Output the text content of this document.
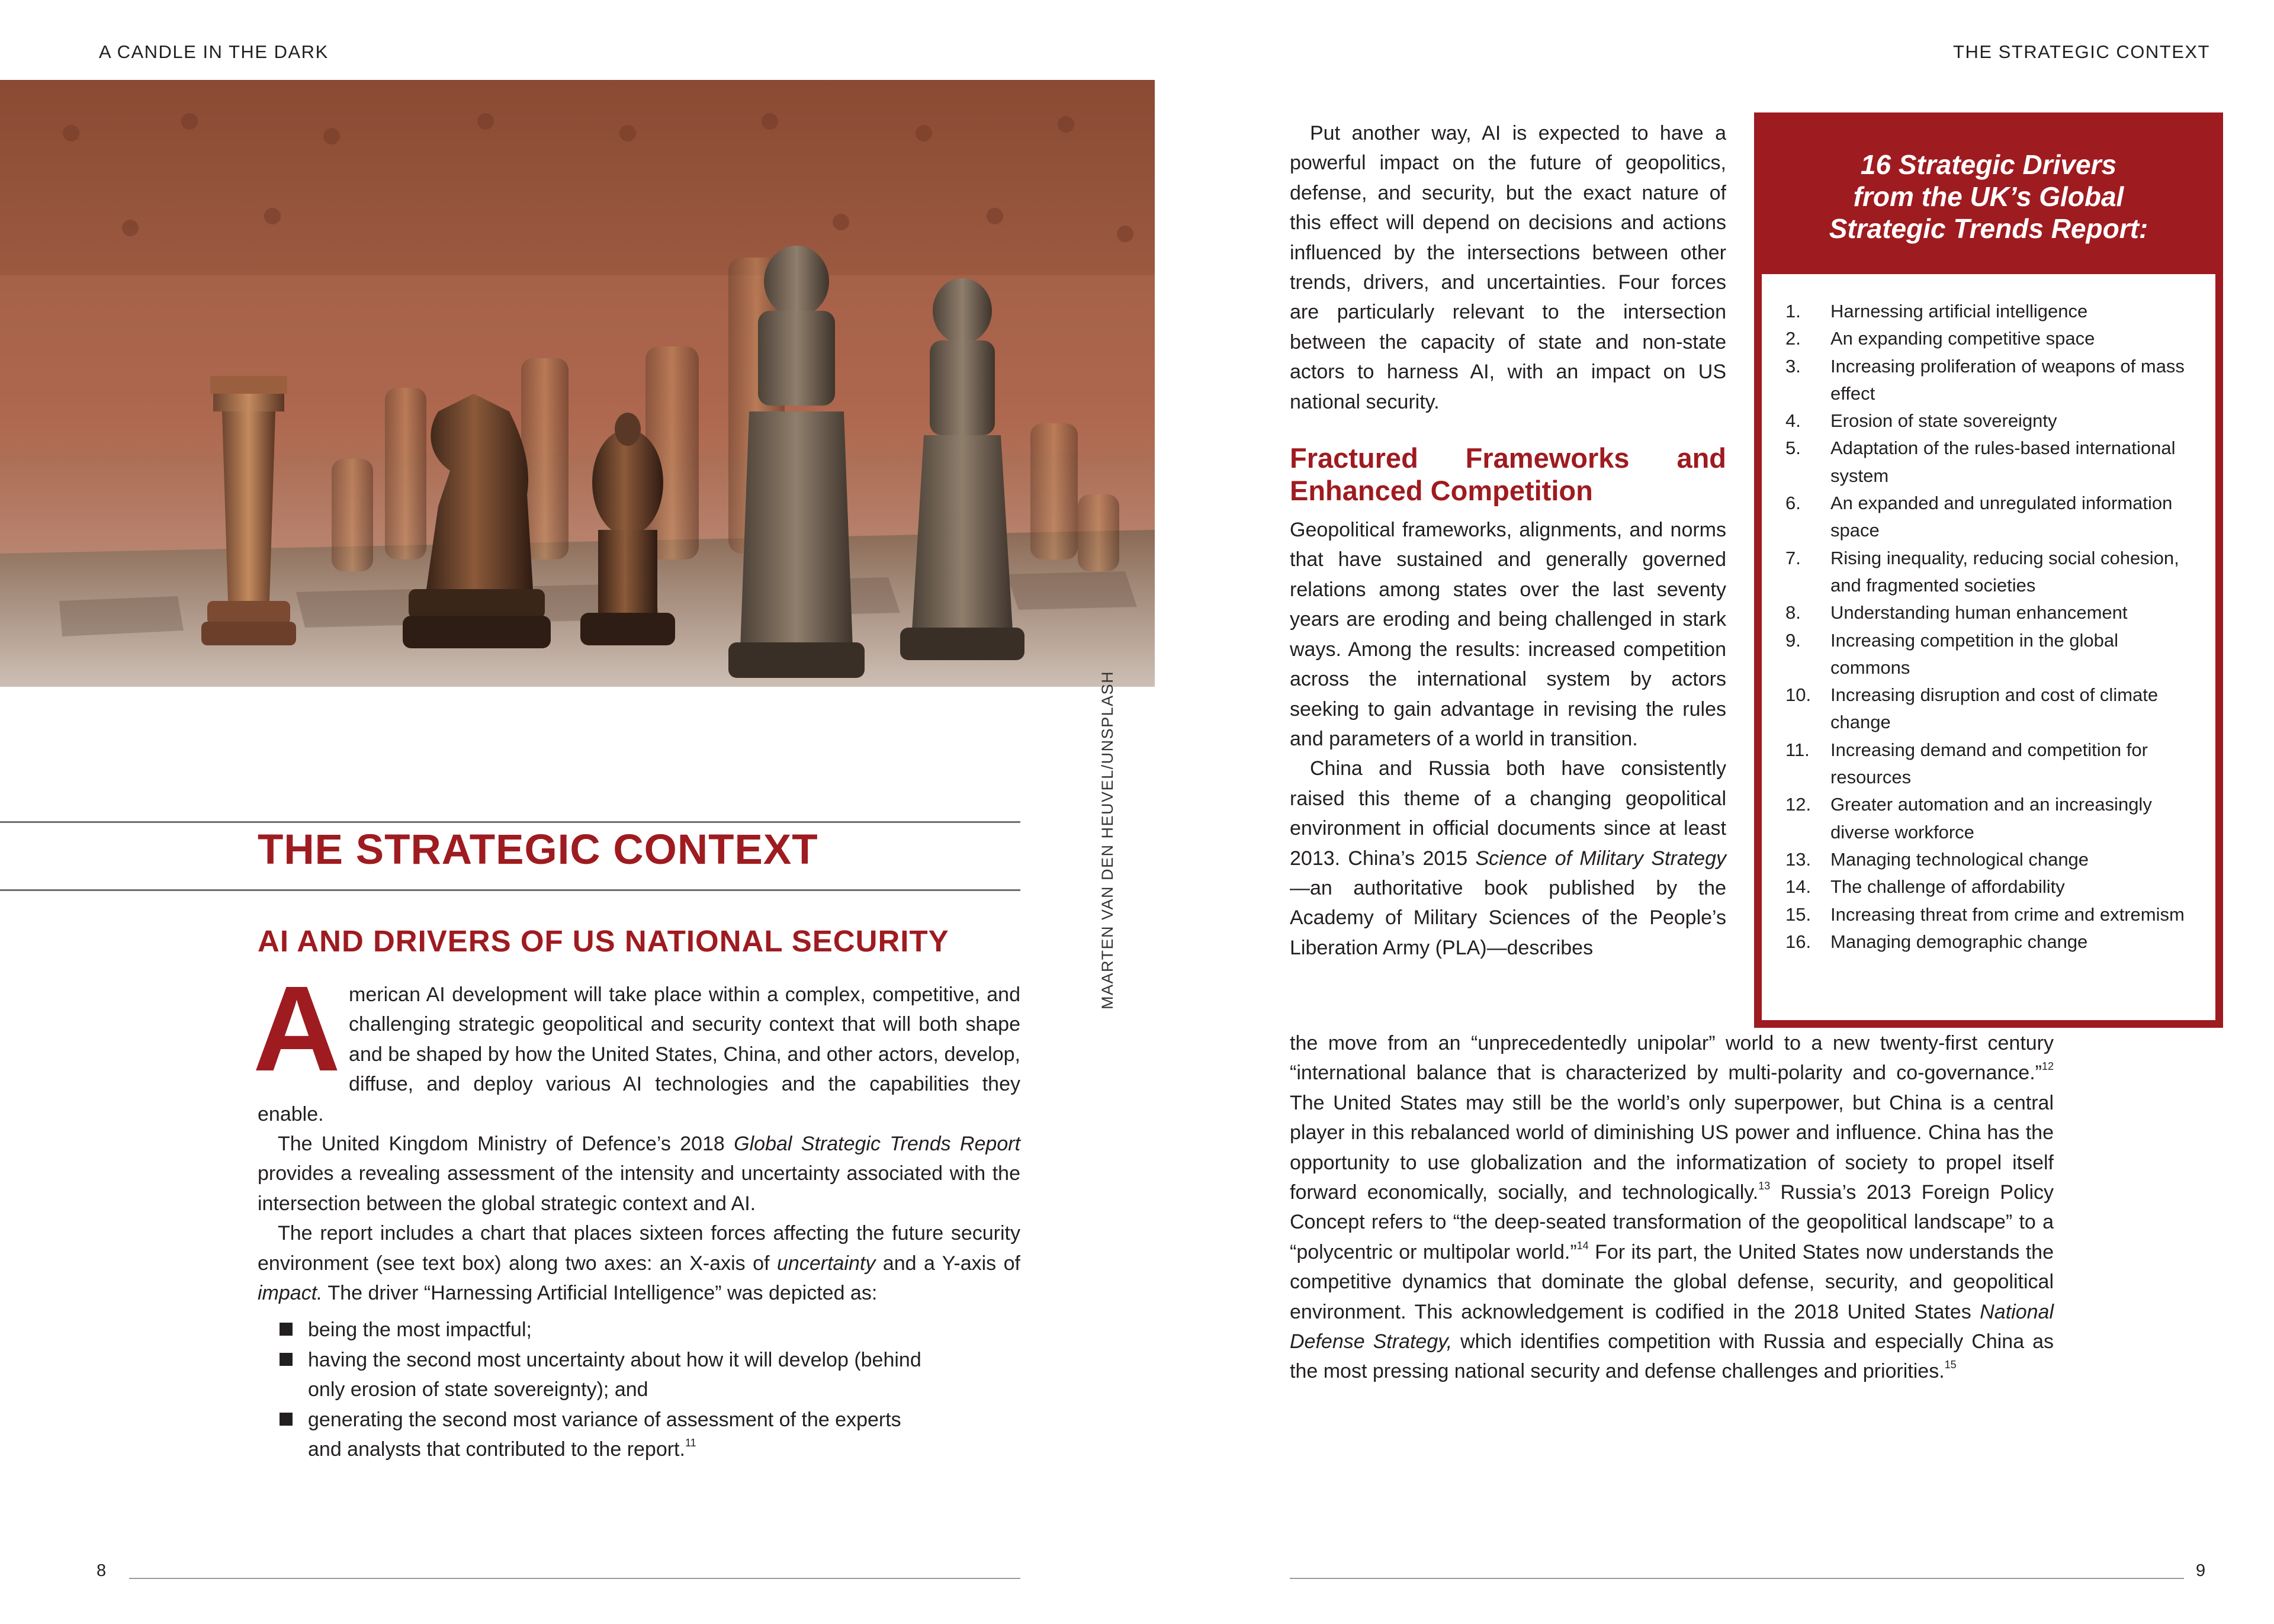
A CANDLE IN THE DARK	THE STRATEGIC CONTEXT
MAARTEN VAN DEN HEUVEL/UNSPLASH
THE STRATEGIC CONTEXT
AI AND DRIVERS OF US NATIONAL SECURITY

American AI development will take place within a complex, competitive, and challenging strategic geopolitical and security context that will both shape and be shaped by how the United States, China, and other actors, develop, diffuse, and deploy various AI technologies and the capabilities they enable.

The United Kingdom Ministry of Defence’s 2018 Global Strategic Trends Report provides a revealing assessment of the intensity and uncertainty associated with the intersection between the global strategic context and AI.

The report includes a chart that places sixteen forces affecting the future security environment (see text box) along two axes: an X-axis of uncertainty and a Y-axis of impact. The driver “Harnessing Artificial Intelligence” was depicted as:

being the most impactful;
having the second most uncertainty about how it will develop (behind only erosion of state sovereignty); and
generating the second most variance of assessment of the experts and analysts that contributed to the report.$^{11}$

Put another way, AI is expected to have a powerful impact on the future of geopolitics, defense, and security, but the exact nature of this effect will depend on decisions and actions influenced by the intersections between other trends, drivers, and uncertainties. Four forces are particularly relevant to the intersection between the capacity of state and non-state actors to harness AI, with an impact on US national security.

Fractured Frameworks and Enhanced Competition

Geopolitical frameworks, alignments, and norms that have sustained and generally governed relations among states over the last seventy years are eroding and being challenged in stark ways. Among the results: increased competition across the international system by actors seeking to gain advantage in revising the rules and parameters of a world in transition.

China and Russia both have consistently raised this theme of a changing geopolitical environment in official documents since at least 2013. China’s 2015 Science of Military Strategy—an authoritative book published by the Academy of Military Sciences of the People’s Liberation Army (PLA)—describes

the move from an “unprecedentedly unipolar” world to a new twenty-first century “international balance that is characterized by multi-polarity and co-governance.”$^{12}$ The United States may still be the world’s only superpower, but China is a central player in this rebalanced world of diminishing US power and influence. China has the opportunity to use globalization and the informatization of society to propel itself forward economically, socially, and technologically.$^{13}$ Russia’s 2013 Foreign Policy Concept refers to “the deep-seated transformation of the geopolitical landscape” to a “polycentric or multipolar world.”$^{14}$ For its part, the United States now understands the competitive dynamics that dominate the global defense, security, and geopolitical environment. This acknowledgement is codified in the 2018 United States National Defense Strategy, which identifies competition with Russia and especially China as the most pressing national security and defense challenges and priorities.$^{15}$

16 Strategic Drivers
from the UK’s Global
Strategic Trends Report:
1. Harnessing artificial intelligence
2. An expanding competitive space
3. Increasing proliferation of weapons of mass effect
4. Erosion of state sovereignty
5. Adaptation of the rules-based international system
6. An expanded and unregulated information space
7. Rising inequality, reducing social cohesion, and fragmented societies
8. Understanding human enhancement
9. Increasing competition in the global commons
10. Increasing disruption and cost of climate change
11. Increasing demand and competition for resources
12. Greater automation and an increasingly diverse workforce
13. Managing technological change
14. The challenge of affordability
15. Increasing threat from crime and extremism
16. Managing demographic change
8	9
